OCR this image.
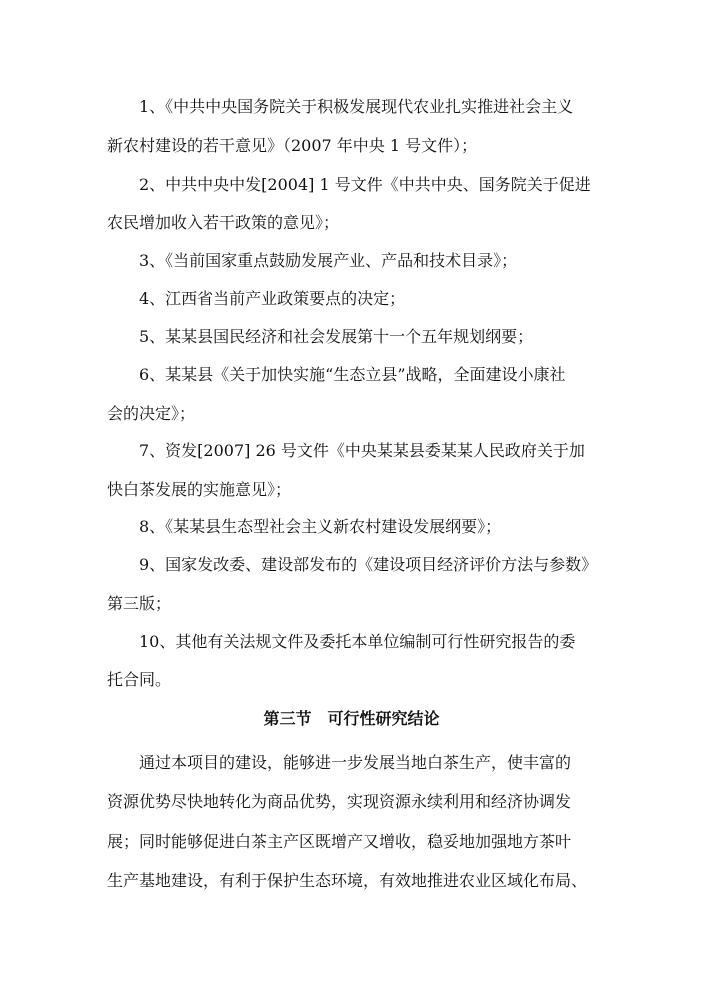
1、《中共中央国务院关于积极发展现代农业扎实推进社会主义
新农村建设的若干意见》（2007 年中央 1 号文件）；
2、中共中央中发[2004] 1 号文件《中共中央、国务院关于促进
农民增加收入若干政策的意见》；
3、《当前国家重点鼓励发展产业、产品和技术目录》；
4、江西省当前产业政策要点的决定；
5、某某县国民经济和社会发展第十一个五年规划纲要；
6、某某县《关于加快实施“生态立县”战略，全面建设小康社
会的决定》；
7、资发[2007] 26 号文件《中央某某县委某某人民政府关于加
快白茶发展的实施意见》；
8、《某某县生态型社会主义新农村建设发展纲要》；
9、国家发改委、建设部发布的《建设项目经济评价方法与参数》
第三版；
10、其他有关法规文件及委托本单位编制可行性研究报告的委
托合同。
第三节　可行性研究结论
通过本项目的建设，能够进一步发展当地白茶生产，使丰富的
资源优势尽快地转化为商品优势，实现资源永续利用和经济协调发
展；同时能够促进白茶主产区既增产又增收，稳妥地加强地方茶叶
生产基地建设，有利于保护生态环境，有效地推进农业区域化布局、
